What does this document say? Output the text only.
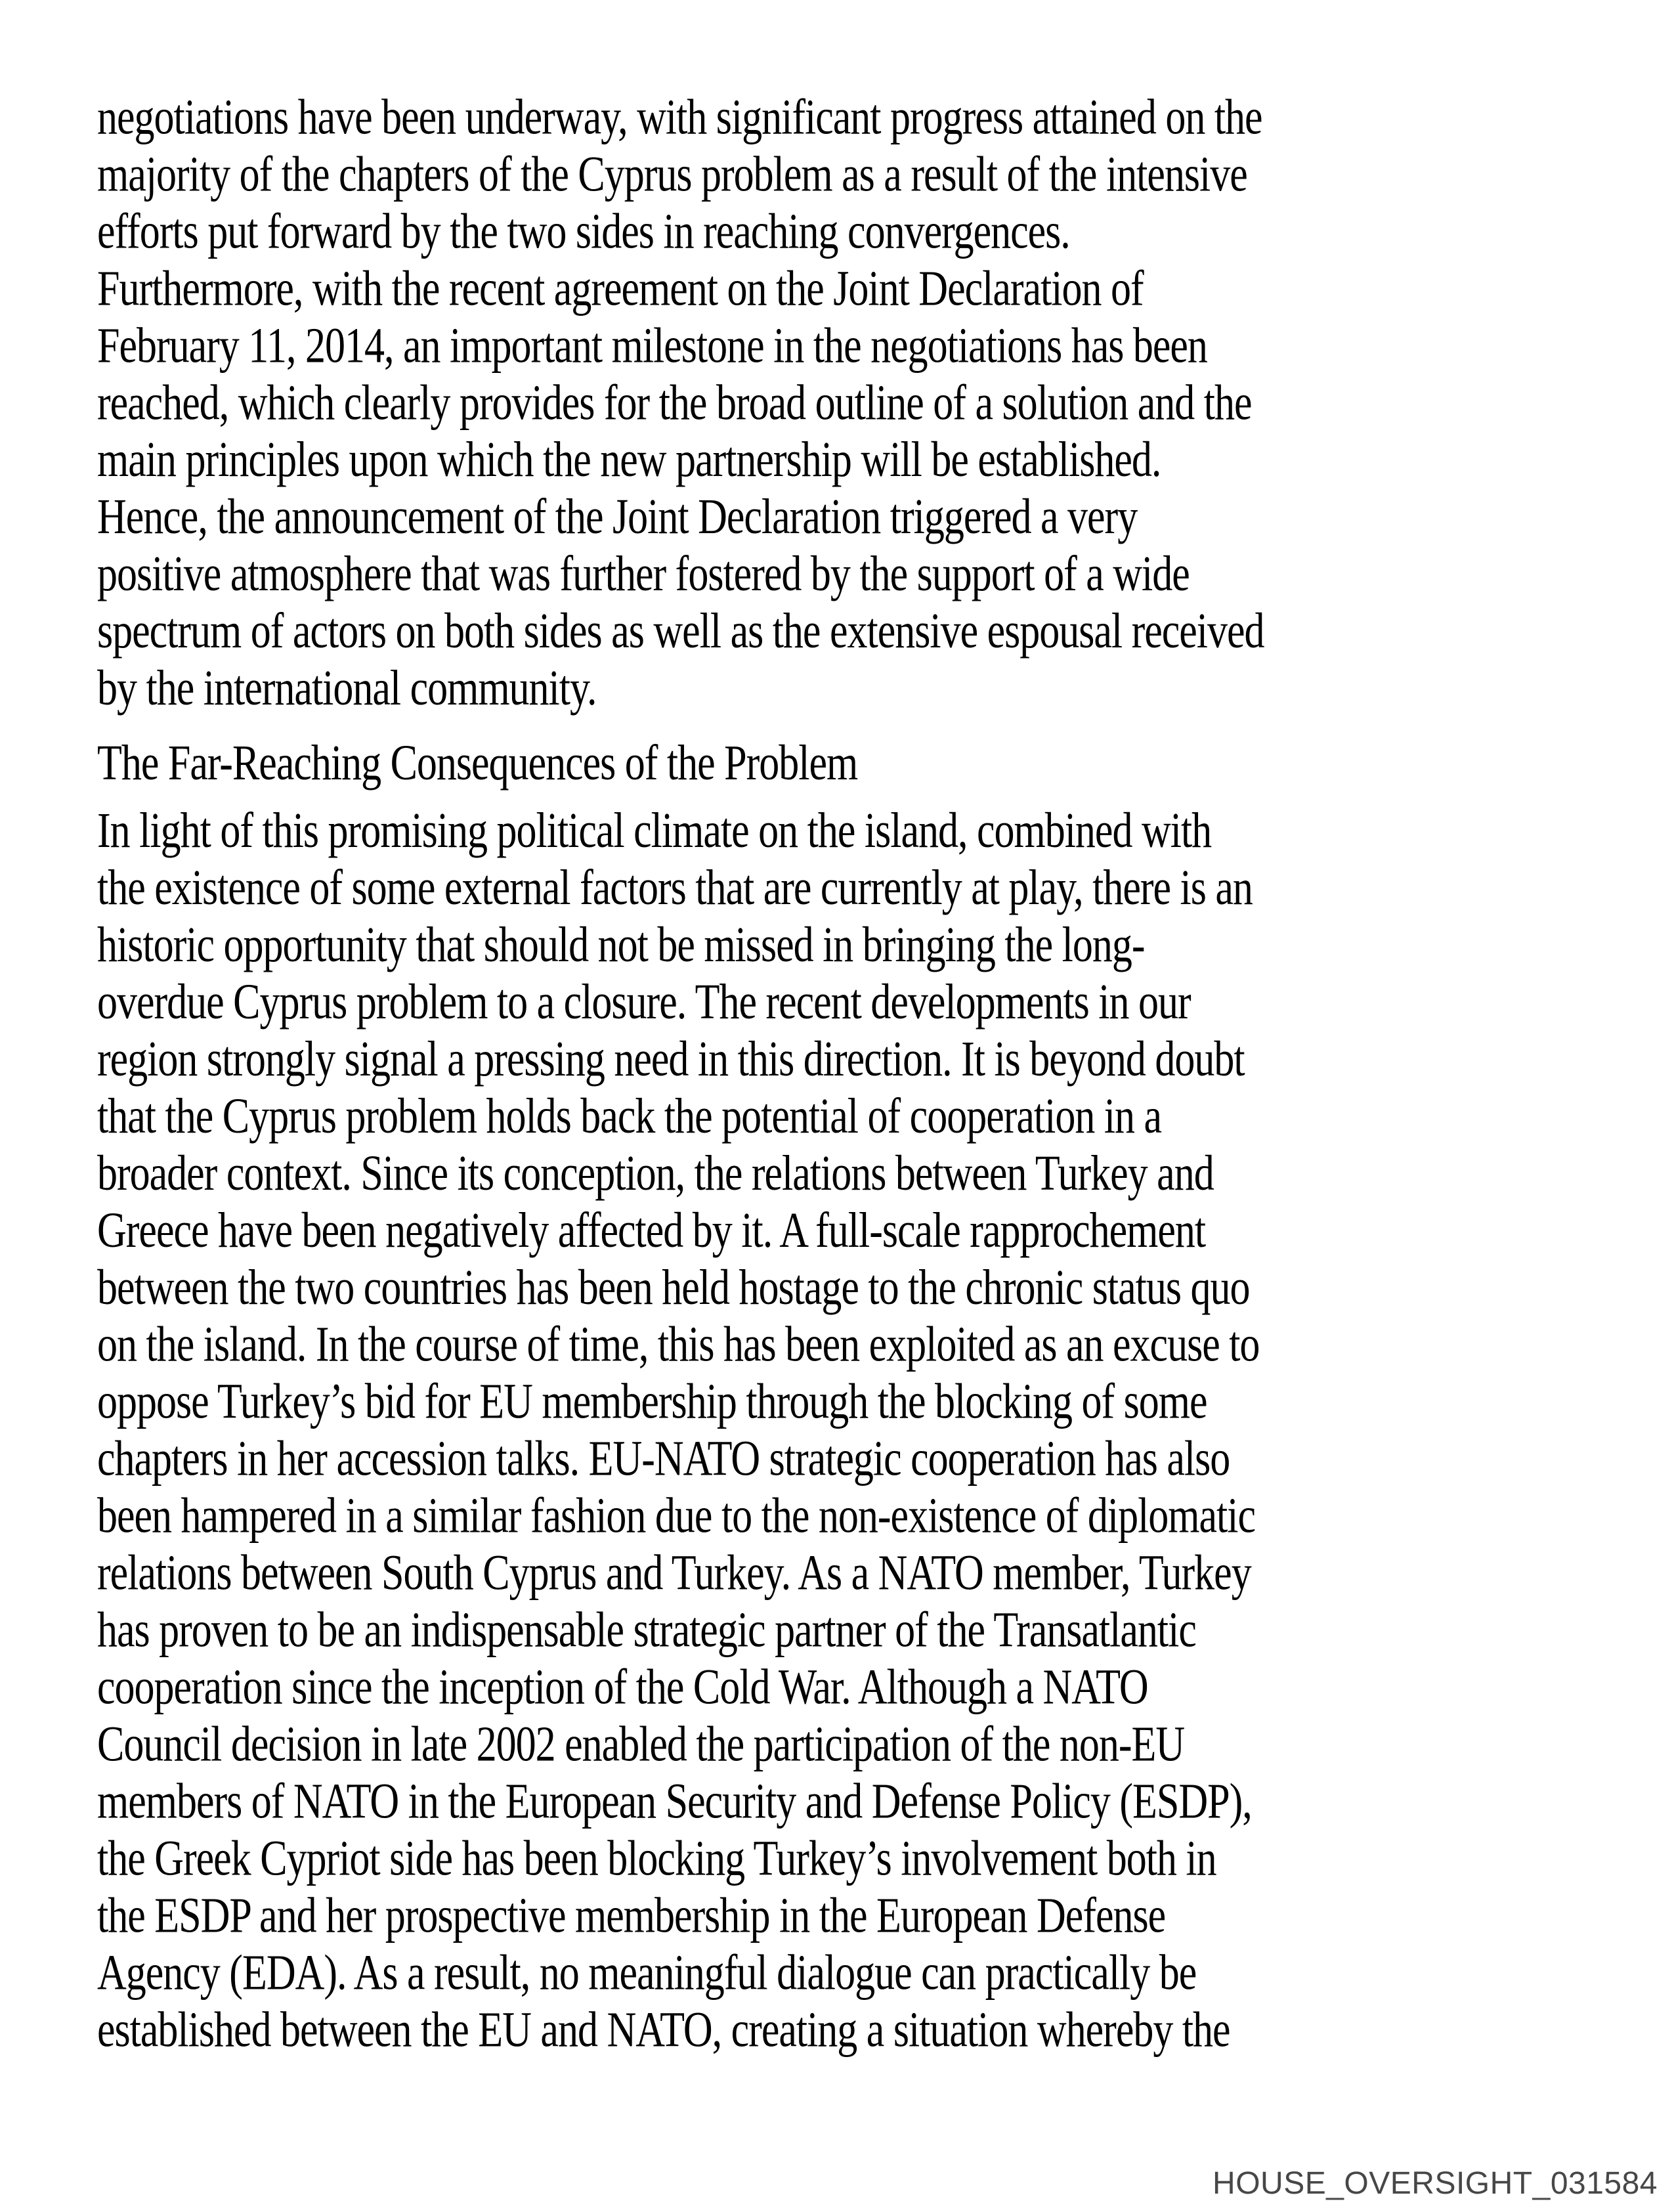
negotiations have been underway, with significant progress attained on the
majority of the chapters of the Cyprus problem as a result of the intensive
efforts put forward by the two sides in reaching convergences.
Furthermore, with the recent agreement on the Joint Declaration of
February 11, 2014, an important milestone in the negotiations has been
reached, which clearly provides for the broad outline of a solution and the
main principles upon which the new partnership will be established.
Hence, the announcement of the Joint Declaration triggered a very
positive atmosphere that was further fostered by the support of a wide
spectrum of actors on both sides as well as the extensive espousal received
by the international community.
The Far-Reaching Consequences of the Problem
In light of this promising political climate on the island, combined with
the existence of some external factors that are currently at play, there is an
historic opportunity that should not be missed in bringing the long-
overdue Cyprus problem to a closure. The recent developments in our
region strongly signal a pressing need in this direction. It is beyond doubt
that the Cyprus problem holds back the potential of cooperation in a
broader context. Since its conception, the relations between Turkey and
Greece have been negatively affected by it. A full-scale rapprochement
between the two countries has been held hostage to the chronic status quo
on the island. In the course of time, this has been exploited as an excuse to
oppose Turkey’s bid for EU membership through the blocking of some
chapters in her accession talks. EU-NATO strategic cooperation has also
been hampered in a similar fashion due to the non-existence of diplomatic
relations between South Cyprus and Turkey. As a NATO member, Turkey
has proven to be an indispensable strategic partner of the Transatlantic
cooperation since the inception of the Cold War. Although a NATO
Council decision in late 2002 enabled the participation of the non-EU
members of NATO in the European Security and Defense Policy (ESDP),
the Greek Cypriot side has been blocking Turkey’s involvement both in
the ESDP and her prospective membership in the European Defense
Agency (EDA). As a result, no meaningful dialogue can practically be
established between the EU and NATO, creating a situation whereby the
HOUSE_OVERSIGHT_031584
